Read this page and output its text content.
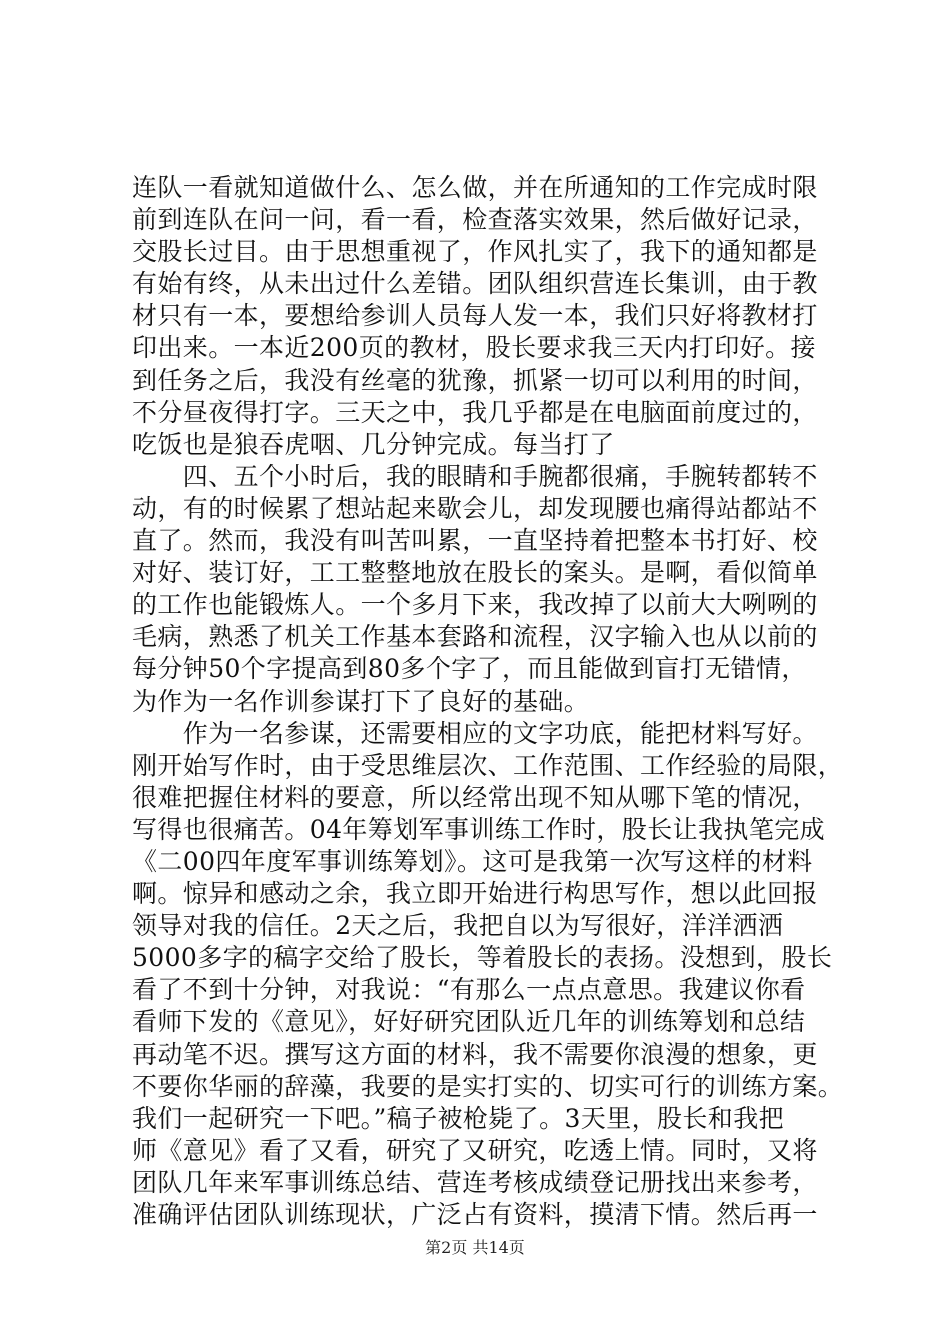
连队一看就知道做什么、怎么做，并在所通知的工作完成时限
前到连队在问一问，看一看，检查落实效果，然后做好记录，
交股长过目。由于思想重视了，作风扎实了，我下的通知都是
有始有终，从未出过什么差错。团队组织营连长集训，由于教
材只有一本，要想给参训人员每人发一本，我们只好将教材打
印出来。一本近200页的教材，股长要求我三天内打印好。接
到任务之后，我没有丝毫的犹豫，抓紧一切可以利用的时间，
不分昼夜得打字。三天之中，我几乎都是在电脑面前度过的，
吃饭也是狼吞虎咽、几分钟完成。每当打了
　　四、五个小时后，我的眼睛和手腕都很痛，手腕转都转不
动，有的时候累了想站起来歇会儿，却发现腰也痛得站都站不
直了。然而，我没有叫苦叫累，一直坚持着把整本书打好、校
对好、装订好，工工整整地放在股长的案头。是啊，看似简单
的工作也能锻炼人。一个多月下来，我改掉了以前大大咧咧的
毛病，熟悉了机关工作基本套路和流程，汉字输入也从以前的
每分钟50个字提高到80多个字了，而且能做到盲打无错情，
为作为一名作训参谋打下了良好的基础。
　　作为一名参谋，还需要相应的文字功底，能把材料写好。
刚开始写作时，由于受思维层次、工作范围、工作经验的局限，
很难把握住材料的要意，所以经常出现不知从哪下笔的情况，
写得也很痛苦。04年筹划军事训练工作时，股长让我执笔完成
《二00四年度军事训练筹划》。这可是我第一次写这样的材料
啊。惊异和感动之余，我立即开始进行构思写作，想以此回报
领导对我的信任。2天之后，我把自以为写很好，洋洋洒洒
5000多字的稿字交给了股长，等着股长的表扬。没想到，股长
看了不到十分钟，对我说：“有那么一点点意思。我建议你看
看师下发的《意见》，好好研究团队近几年的训练筹划和总结
再动笔不迟。撰写这方面的材料，我不需要你浪漫的想象，更
不要你华丽的辞藻，我要的是实打实的、切实可行的训练方案。
我们一起研究一下吧。”稿子被枪毙了。3天里，股长和我把
师《意见》看了又看，研究了又研究，吃透上情。同时，又将
团队几年来军事训练总结、营连考核成绩登记册找出来参考，
准确评估团队训练现状，广泛占有资料，摸清下情。然后再一
第2页 共14页
